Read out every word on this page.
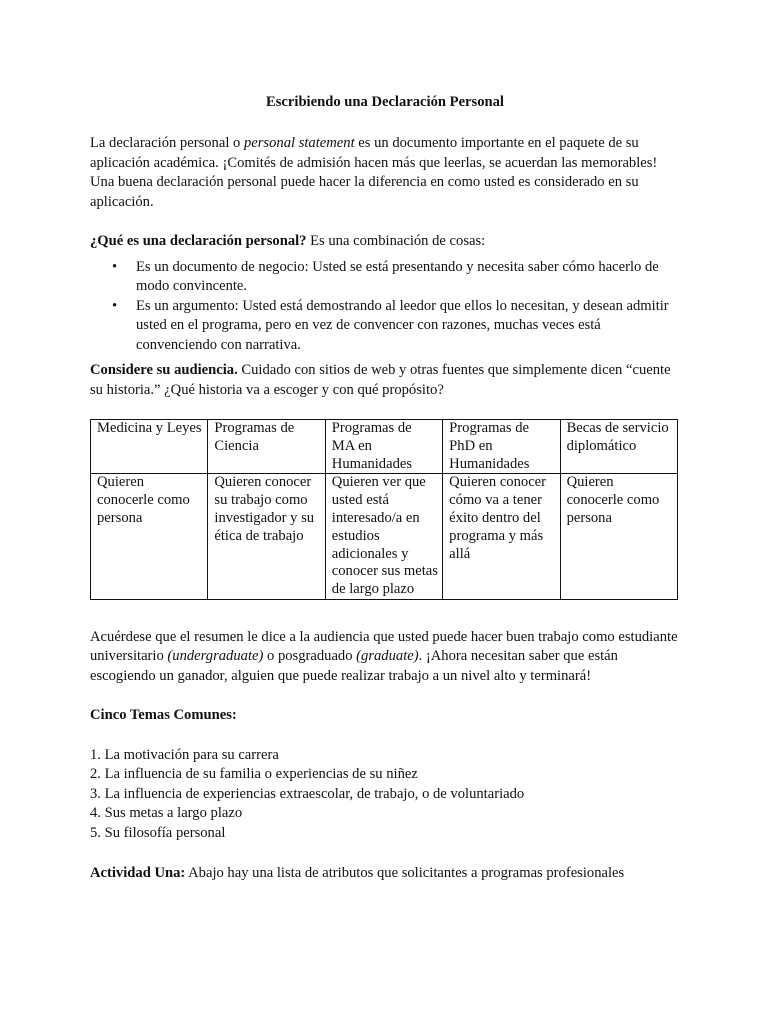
Escribiendo una Declaración Personal

La declaración personal o personal statement es un documento importante en el paquete de su aplicación académica. ¡Comités de admisión hacen más que leerlas, se acuerdan las memorables! Una buena declaración personal puede hacer la diferencia en como usted es considerado en su aplicación.

¿Qué es una declaración personal? Es una combinación de cosas:

• Es un documento de negocio: Usted se está presentando y necesita saber cómo hacerlo de modo convincente.
• Es un argumento: Usted está demostrando al leedor que ellos lo necesitan, y desean admitir usted en el programa, pero en vez de convencer con razones, muchas veces está convenciendo con narrativa.

Considere su audiencia. Cuidado con sitios de web y otras fuentes que simplemente dicen “cuente su historia.” ¿Qué historia va a escoger y con qué propósito?

Medicina y Leyes	Programas de Ciencia	Programas de MA en Humanidades	Programas de PhD en Humanidades	Becas de servicio diplomático
Quieren conocerle como persona	Quieren conocer su trabajo como investigador y su ética de trabajo	Quieren ver que usted está interesado/a en estudios adicionales y conocer sus metas de largo plazo	Quieren conocer cómo va a tener éxito dentro del programa y más allá	Quieren conocerle como persona

Acuérdese que el resumen le dice a la audiencia que usted puede hacer buen trabajo como estudiante universitario (undergraduate) o posgraduado (graduate). ¡Ahora necesitan saber que están escogiendo un ganador, alguien que puede realizar trabajo a un nivel alto y terminará!

Cinco Temas Comunes:

1. La motivación para su carrera

2. La influencia de su familia o experiencias de su niñez

3. La influencia de experiencias extraescolar, de trabajo, o de voluntariado

4. Sus metas a largo plazo

5. Su filosofía personal

Actividad Una: Abajo hay una lista de atributos que solicitantes a programas profesionales
